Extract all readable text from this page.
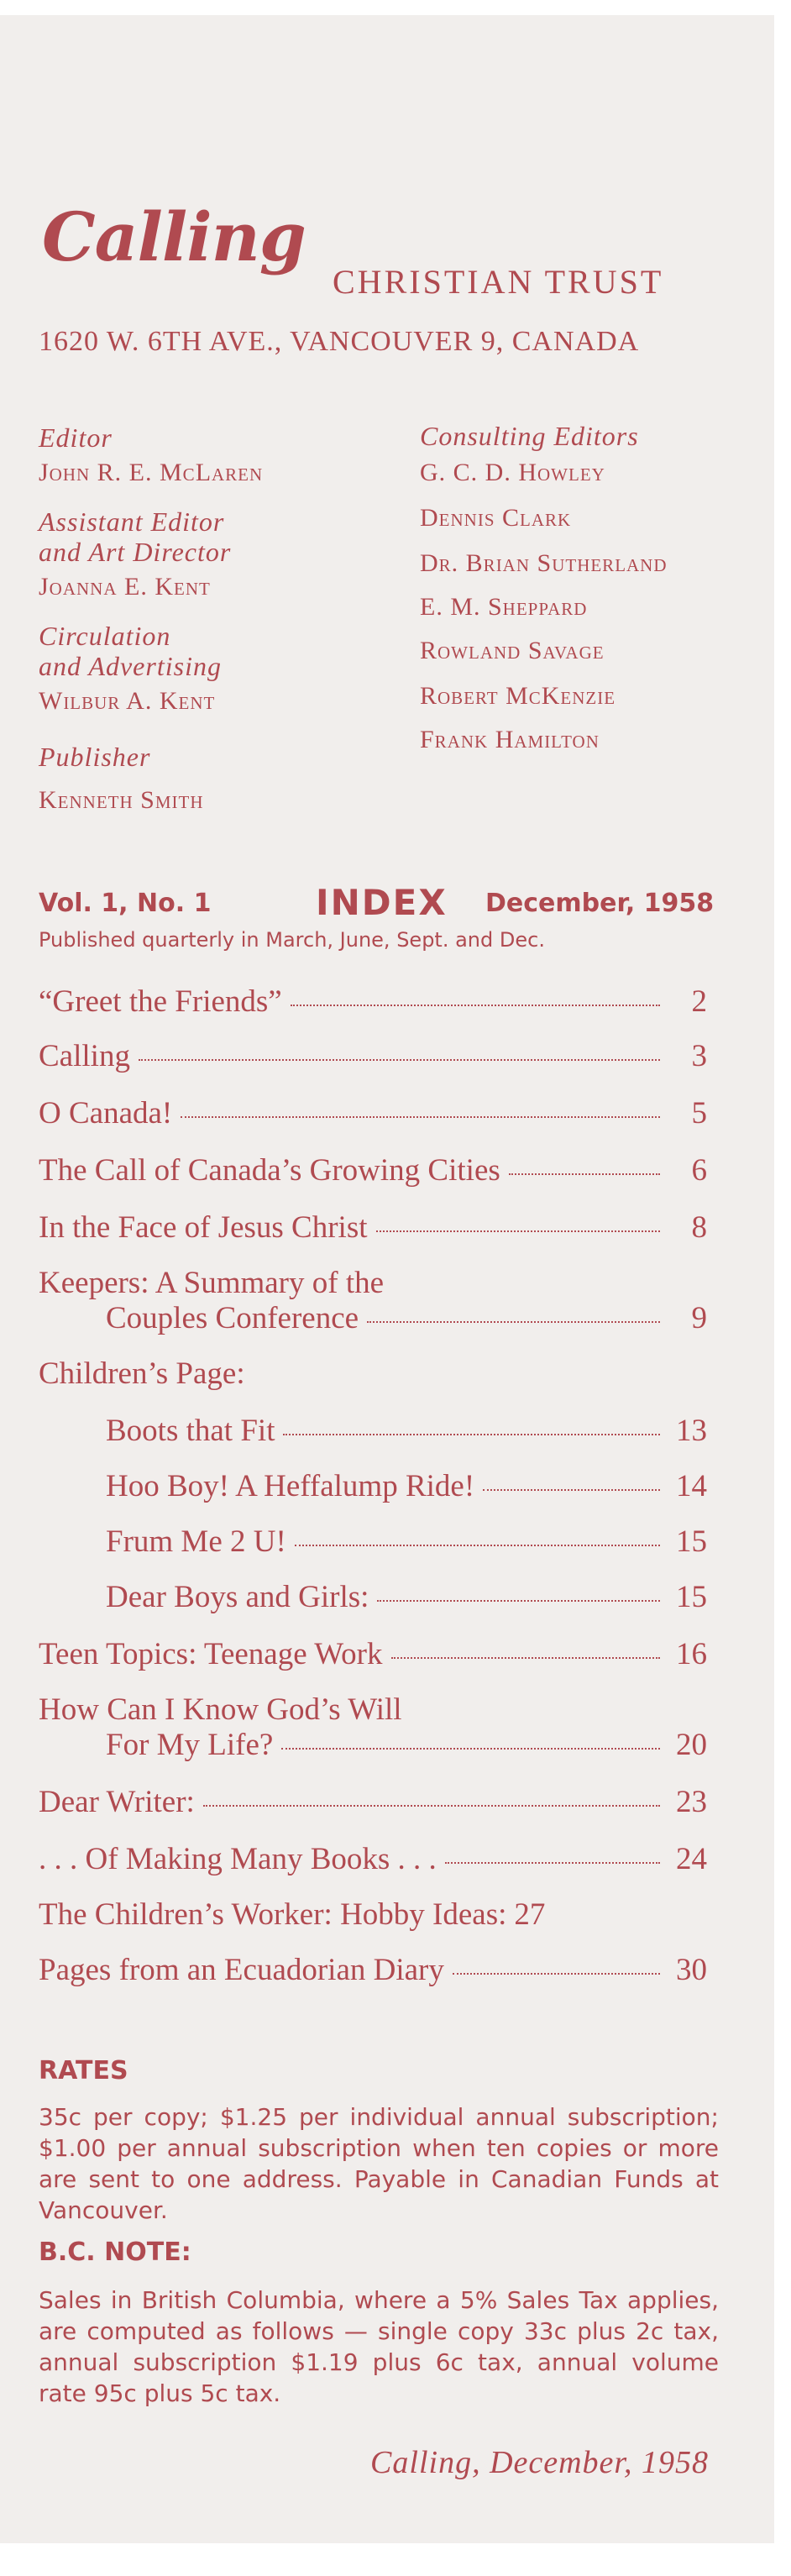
Calling
CHRISTIAN TRUST
1620 W. 6TH AVE., VANCOUVER 9, CANADA
Editor
John R. E. McLaren
Assistant Editor
and Art Director
Joanna E. Kent
Circulation
and Advertising
Wilbur A. Kent
Publisher
Kenneth Smith
Consulting Editors
G. C. D. Howley
Dennis Clark
Dr. Brian Sutherland
E. M. Sheppard
Rowland Savage
Robert McKenzie
Frank Hamilton
Vol. 1, No. 1	INDEX December, 1958
Published quarterly in March, June, Sept. and Dec.
“Greet the Friends”	2
Calling	3
O Canada!	5
The Call of Canada’s Growing Cities	6
In the Face of Jesus Christ	8
Keepers: A Summary of the
Couples Conference	9
Children’s Page:
Boots that Fit	13
Hoo Boy! A Heffalump Ride!	14
Frum Me 2 U!	15
Dear Boys and Girls:	15
Teen Topics: Teenage Work	16
How Can I Know God’s Will
For My Life?	20
Dear Writer:	23
. . . Of Making Many Books . . .	24
The Children’s Worker: Hobby Ideas: 27
Pages from an Ecuadorian Diary	30
RATES
35c per copy; $1.25 per individual annual subscription; $1.00 per annual subscription when ten copies or more are sent to one address. Payable in Canadian Funds at Vancouver.
B.C. NOTE:
Sales in British Columbia, where a 5% Sales Tax applies, are computed as follows — single copy 33c plus 2c tax, annual subscription $1.19 plus 6c tax, annual volume rate 95c plus 5c tax.
Calling, December, 1958
